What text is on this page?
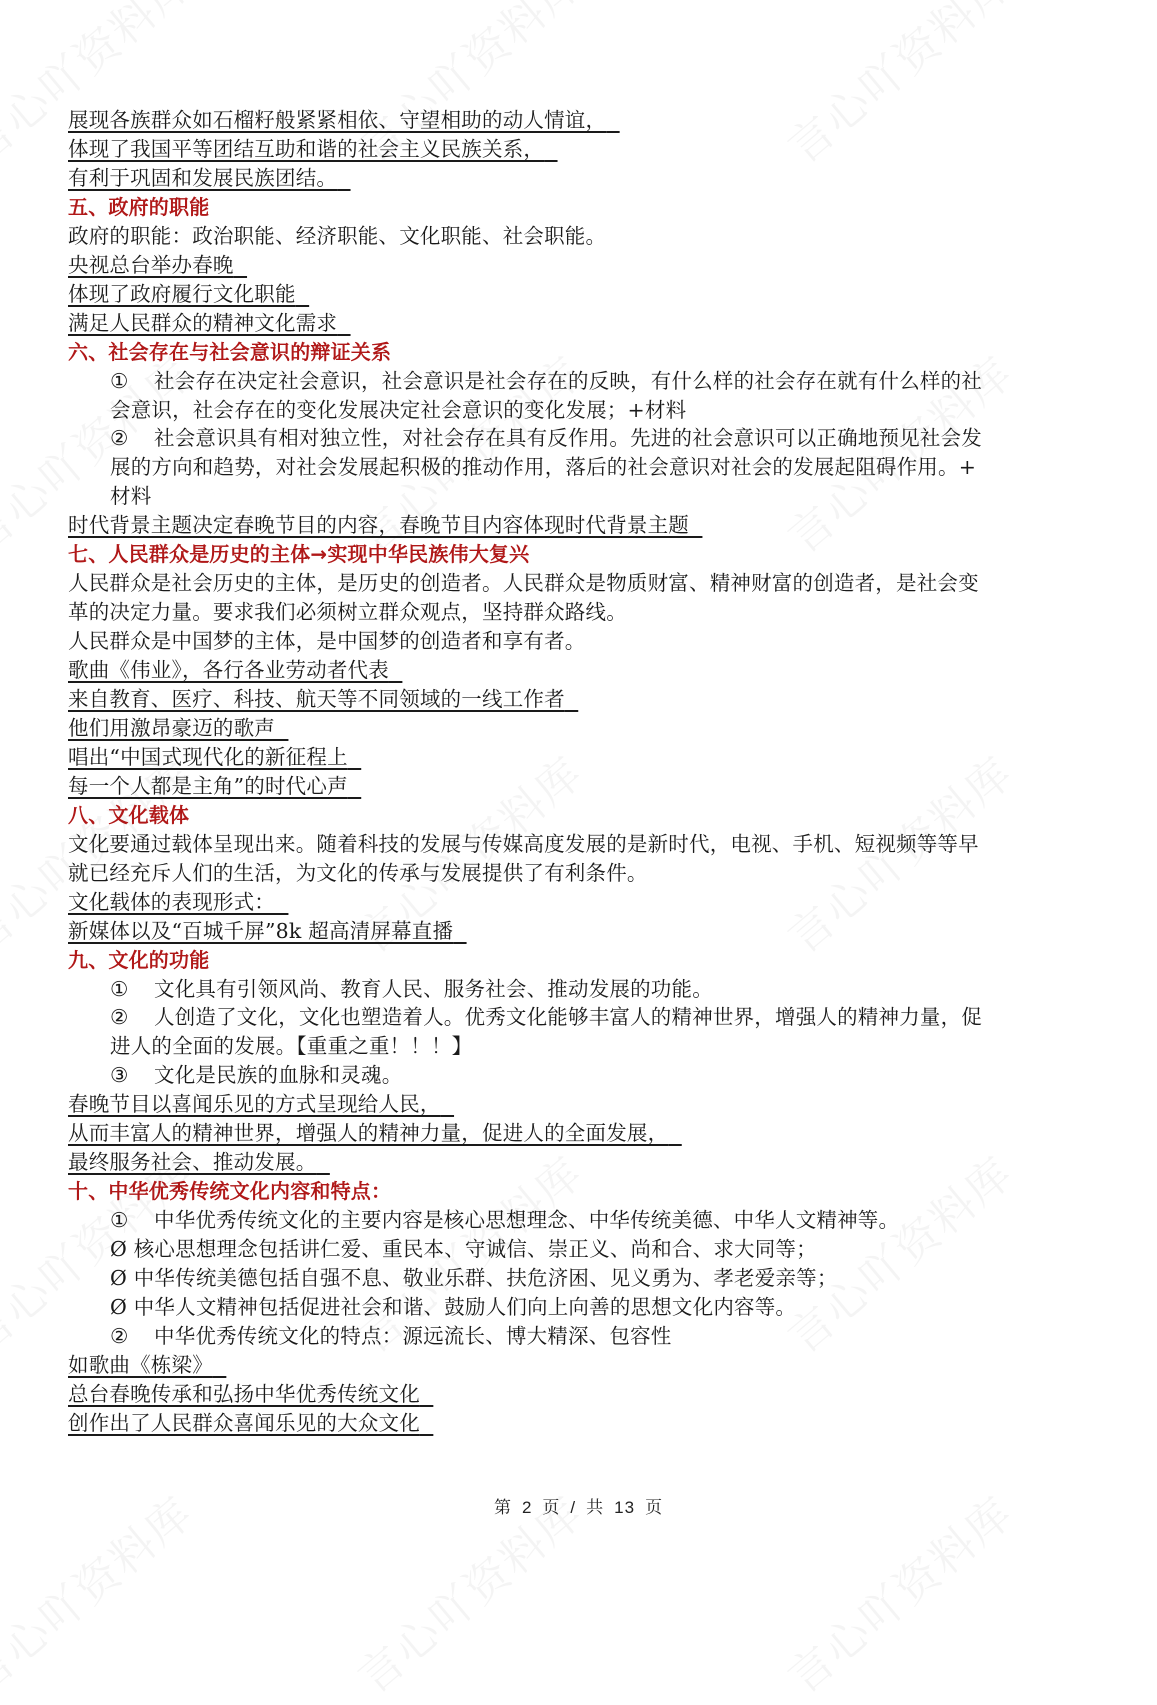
展现各族群众如石榴籽般紧紧相依、守望相助的动人情谊，
体现了我国平等团结互助和谐的社会主义民族关系，
有利于巩固和发展民族团结。
五、政府的职能
政府的职能：政治职能、经济职能、文化职能、社会职能。
央视总台举办春晚
体现了政府履行文化职能
满足人民群众的精神文化需求
六、社会存在与社会意识的辩证关系
① 社会存在决定社会意识，社会意识是社会存在的反映，有什么样的社会存在就有什么样的社
会意识，社会存在的变化发展决定社会意识的变化发展；+材料
② 社会意识具有相对独立性，对社会存在具有反作用。先进的社会意识可以正确地预见社会发
展的方向和趋势，对社会发展起积极的推动作用，落后的社会意识对社会的发展起阻碍作用。+
材料
时代背景主题决定春晚节目的内容，春晚节目内容体现时代背景主题
七、人民群众是历史的主体→实现中华民族伟大复兴
人民群众是社会历史的主体，是历史的创造者。人民群众是物质财富、精神财富的创造者，是社会变
革的决定力量。要求我们必须树立群众观点，坚持群众路线。
人民群众是中国梦的主体，是中国梦的创造者和享有者。
歌曲《伟业》，各行各业劳动者代表
来自教育、医疗、科技、航天等不同领域的一线工作者
他们用激昂豪迈的歌声
唱出“中国式现代化的新征程上
每一个人都是主角”的时代心声
八、文化载体
文化要通过载体呈现出来。随着科技的发展与传媒高度发展的是新时代，电视、手机、短视频等等早
就已经充斥人们的生活，为文化的传承与发展提供了有利条件。
文化载体的表现形式：
新媒体以及“百城千屏”8k 超高清屏幕直播
九、文化的功能
① 文化具有引领风尚、教育人民、服务社会、推动发展的功能。
② 人创造了文化，文化也塑造着人。优秀文化能够丰富人的精神世界，增强人的精神力量，促
进人的全面的发展。【重重之重！！！】
③ 文化是民族的血脉和灵魂。
春晚节目以喜闻乐见的方式呈现给人民，
从而丰富人的精神世界，增强人的精神力量，促进人的全面发展，
最终服务社会、推动发展。
十、中华优秀传统文化内容和特点：
① 中华优秀传统文化的主要内容是核心思想理念、中华传统美德、中华人文精神等。
Ø 核心思想理念包括讲仁爱、重民本、守诚信、崇正义、尚和合、求大同等；
Ø 中华传统美德包括自强不息、敬业乐群、扶危济困、见义勇为、孝老爱亲等；
Ø 中华人文精神包括促进社会和谐、鼓励人们向上向善的思想文化内容等。
② 中华优秀传统文化的特点：源远流长、博大精深、包容性
如歌曲《栋梁》
总台春晚传承和弘扬中华优秀传统文化
创作出了人民群众喜闻乐见的大众文化
第 2 页 / 共 13 页
